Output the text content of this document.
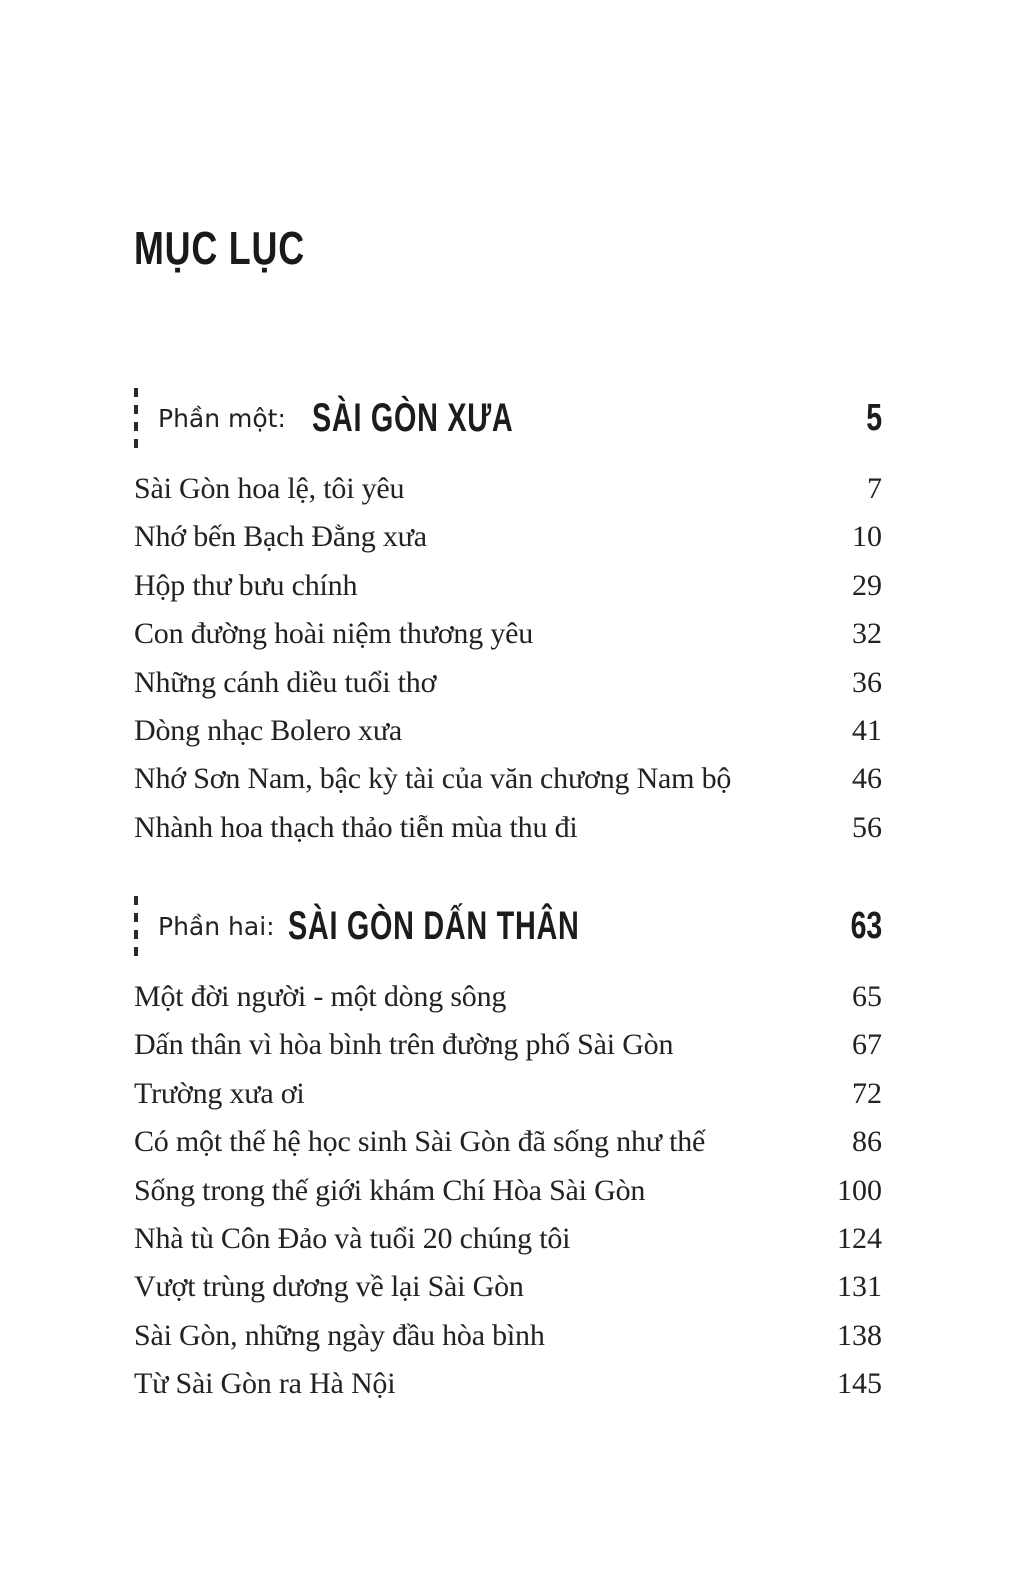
MỤC LỤC
Phần một: SÀI GÒN XƯA	5
Sài Gòn hoa lệ, tôi yêu	7
Nhớ bến Bạch Đằng xưa	10
Hộp thư bưu chính	29
Con đường hoài niệm thương yêu	32
Những cánh diều tuổi thơ	36
Dòng nhạc Bolero xưa	41
Nhớ Sơn Nam, bậc kỳ tài của văn chương Nam bộ	46
Nhành hoa thạch thảo tiễn mùa thu đi	56
Phần hai: SÀI GÒN DẤN THÂN	63
Một đời người - một dòng sông	65
Dấn thân vì hòa bình trên đường phố Sài Gòn	67
Trường xưa ơi	72
Có một thế hệ học sinh Sài Gòn đã sống như thế	86
Sống trong thế giới khám Chí Hòa Sài Gòn	100
Nhà tù Côn Đảo và tuổi 20 chúng tôi	124
Vượt trùng dương về lại Sài Gòn	131
Sài Gòn, những ngày đầu hòa bình	138
Từ Sài Gòn ra Hà Nội	145
